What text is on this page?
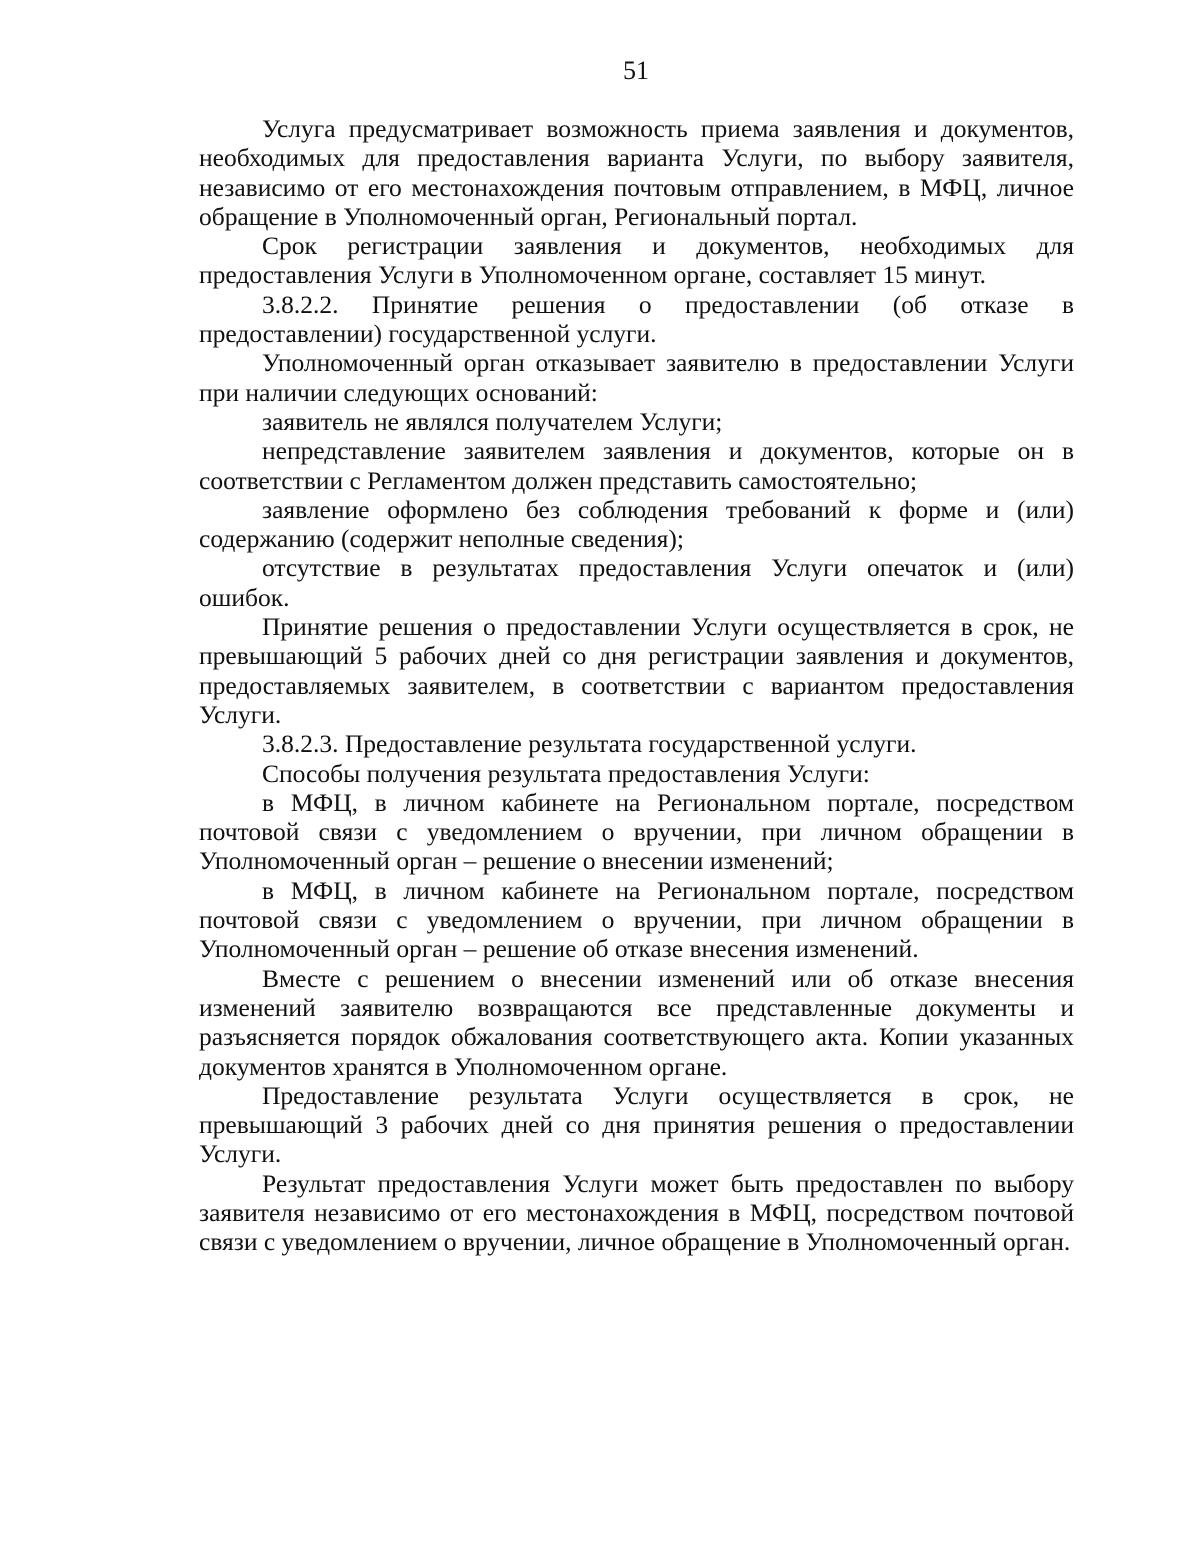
51

Услуга предусматривает возможность приема заявления и документов, необходимых для предоставления варианта Услуги, по выбору заявителя, независимо от его местонахождения почтовым отправлением, в МФЦ, личное обращение в Уполномоченный орган, Региональный портал.

Срок регистрации заявления и документов, необходимых для предоставления Услуги в Уполномоченном органе, составляет 15 минут.

3.8.2.2. Принятие решения о предоставлении (об отказе в предоставлении) государственной услуги.

Уполномоченный орган отказывает заявителю в предоставлении Услуги при наличии следующих оснований:

заявитель не являлся получателем Услуги;

непредставление заявителем заявления и документов, которые он в соответствии с Регламентом должен представить самостоятельно;

заявление оформлено без соблюдения требований к форме и (или) содержанию (содержит неполные сведения);

отсутствие в результатах предоставления Услуги опечаток и (или) ошибок.

Принятие решения о предоставлении Услуги осуществляется в срок, не превышающий 5 рабочих дней со дня регистрации заявления и документов, предоставляемых заявителем, в соответствии с вариантом предоставления Услуги.

3.8.2.3. Предоставление результата государственной услуги.

Способы получения результата предоставления Услуги:

в МФЦ, в личном кабинете на Региональном портале, посредством почтовой связи с уведомлением о вручении, при личном обращении в Уполномоченный орган – решение о внесении изменений;

в МФЦ, в личном кабинете на Региональном портале, посредством почтовой связи с уведомлением о вручении, при личном обращении в Уполномоченный орган – решение об отказе внесения изменений.

Вместе с решением о внесении изменений или об отказе внесения изменений заявителю возвращаются все представленные документы и разъясняется порядок обжалования соответствующего акта. Копии указанных документов хранятся в Уполномоченном органе.

Предоставление результата Услуги осуществляется в срок, не превышающий 3 рабочих дней со дня принятия решения о предоставлении Услуги.

Результат предоставления Услуги может быть предоставлен по выбору заявителя независимо от его местонахождения в МФЦ, посредством почтовой связи с уведомлением о вручении, личное обращение в Уполномоченный орган.
